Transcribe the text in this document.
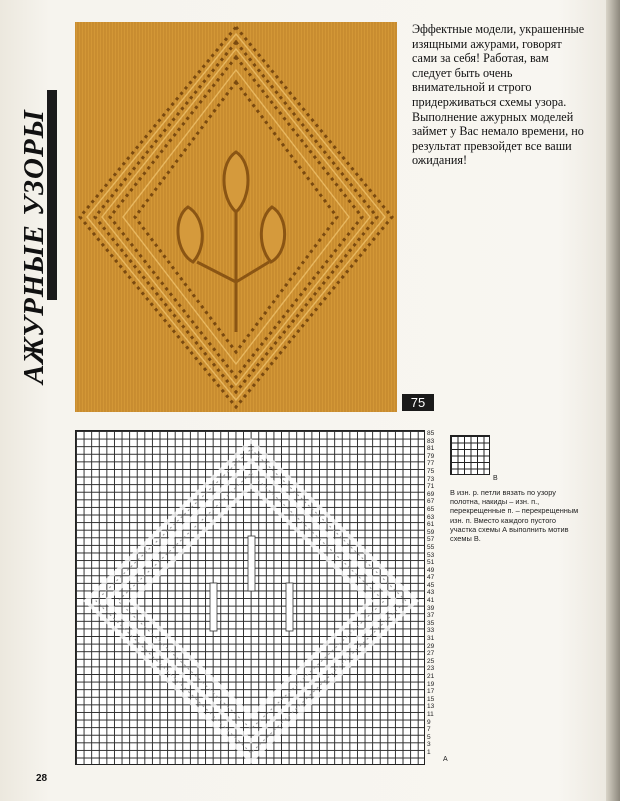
АЖУРНЫЕ УЗОРЫ
75
Эффектные модели, украшенные изящными ажурами, говорят сами за себя! Работая, вам следует быть очень внимательной и строго придерживаться схемы узора. Выполнение ажурных моделей займет у Вас немало времени, но результат превзойдет все ваши ожидания!
85
83
81
79
77
75
73
71
69
67
65
63
61
59
57
55
53
51
49
47
45
43
41
39
37
35
33
31
29
27
25
23
21
19
17
15
13
11
9
7
5
3
1
А
В
В изн. р. петли вязать по узору полотна, накиды – изн. п., перекрещенные п. – перекрещенным изн. п. Вместо каждого пустого участка схемы А выполнить мотив схемы В.
28
